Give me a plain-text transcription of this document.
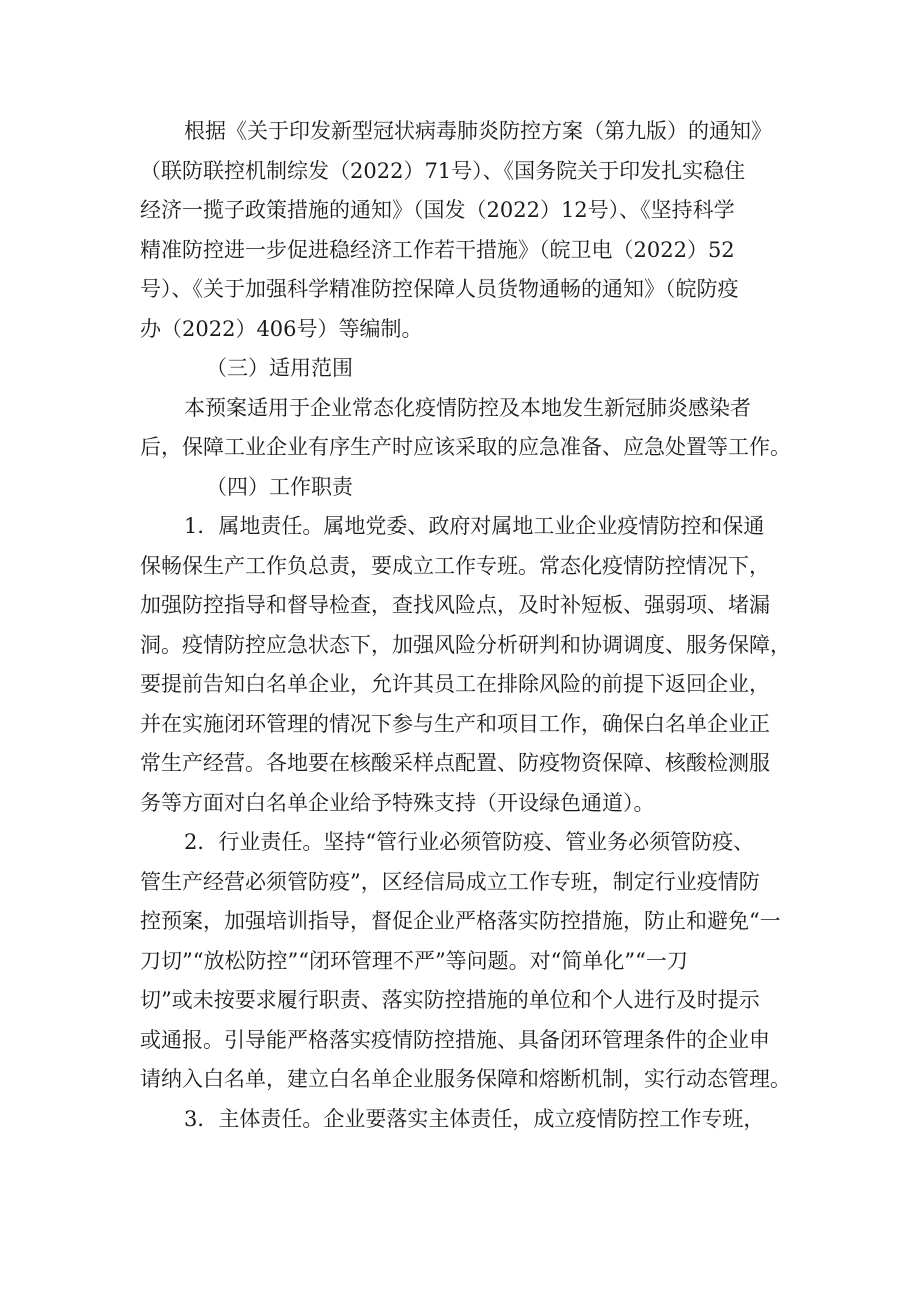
根据《关于印发新型冠状病毒肺炎防控方案（第九版）的通知》
（联防联控机制综发（2022）71号）、《国务院关于印发扎实稳住
经济一揽子政策措施的通知》（国发（2022）12号）、《坚持科学
精准防控进一步促进稳经济工作若干措施》（皖卫电（2022）52
号）、《关于加强科学精准防控保障人员货物通畅的通知》（皖防疫
办（2022）406号）等编制。
（三）适用范围
本预案适用于企业常态化疫情防控及本地发生新冠肺炎感染者
后，保障工业企业有序生产时应该采取的应急准备、应急处置等工作。
（四）工作职责
1．属地责任。属地党委、政府对属地工业企业疫情防控和保通
保畅保生产工作负总责，要成立工作专班。常态化疫情防控情况下，
加强防控指导和督导检查，查找风险点，及时补短板、强弱项、堵漏
洞。疫情防控应急状态下，加强风险分析研判和协调调度、服务保障，
要提前告知白名单企业，允许其员工在排除风险的前提下返回企业，
并在实施闭环管理的情况下参与生产和项目工作，确保白名单企业正
常生产经营。各地要在核酸采样点配置、防疫物资保障、核酸检测服
务等方面对白名单企业给予特殊支持（开设绿色通道）。
2．行业责任。坚持“管行业必须管防疫、管业务必须管防疫、
管生产经营必须管防疫”，区经信局成立工作专班，制定行业疫情防
控预案，加强培训指导，督促企业严格落实防控措施，防止和避免“一
刀切”“放松防控”“闭环管理不严”等问题。对“简单化”“一刀
切”或未按要求履行职责、落实防控措施的单位和个人进行及时提示
或通报。引导能严格落实疫情防控措施、具备闭环管理条件的企业申
请纳入白名单，建立白名单企业服务保障和熔断机制，实行动态管理。
3．主体责任。企业要落实主体责任，成立疫情防控工作专班，
